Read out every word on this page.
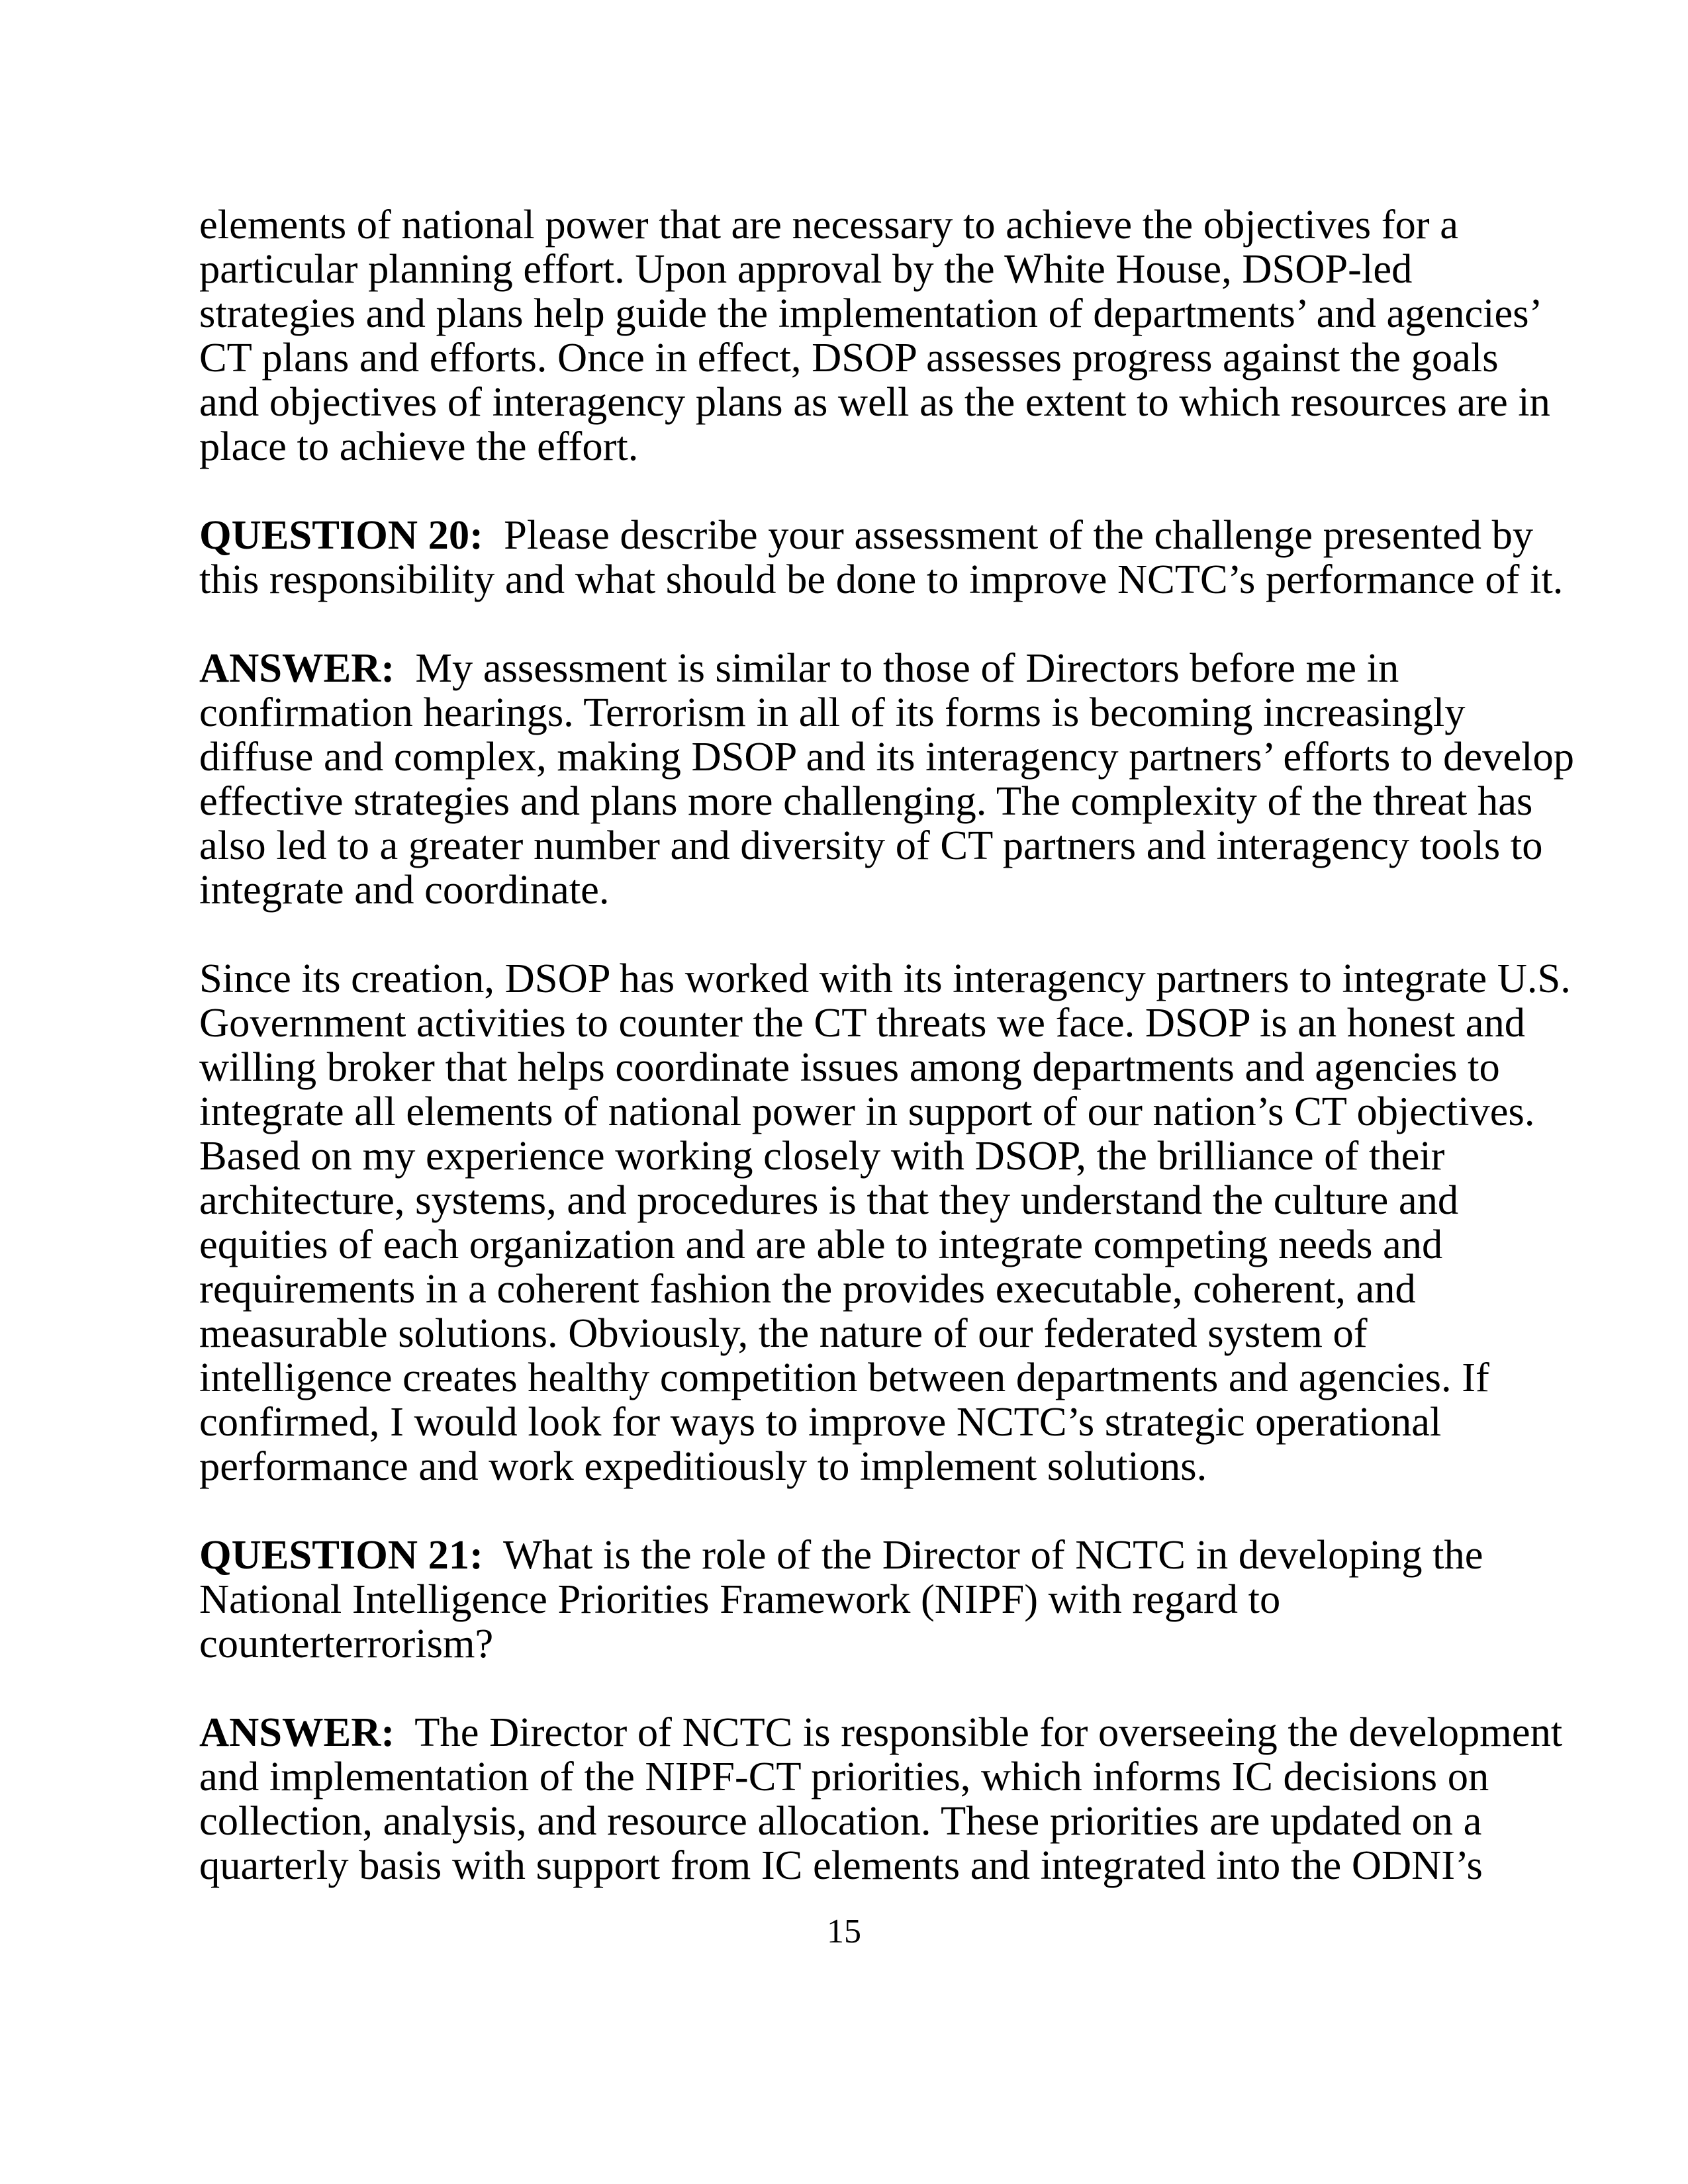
elements of national power that are necessary to achieve the objectives for a
particular planning effort. Upon approval by the White House, DSOP-led
strategies and plans help guide the implementation of departments’ and agencies’
CT plans and efforts. Once in effect, DSOP assesses progress against the goals
and objectives of interagency plans as well as the extent to which resources are in
place to achieve the effort.
QUESTION 20:  Please describe your assessment of the challenge presented by
this responsibility and what should be done to improve NCTC’s performance of it.
ANSWER:  My assessment is similar to those of Directors before me in
confirmation hearings. Terrorism in all of its forms is becoming increasingly
diffuse and complex, making DSOP and its interagency partners’ efforts to develop
effective strategies and plans more challenging. The complexity of the threat has
also led to a greater number and diversity of CT partners and interagency tools to
integrate and coordinate.
Since its creation, DSOP has worked with its interagency partners to integrate U.S.
Government activities to counter the CT threats we face. DSOP is an honest and
willing broker that helps coordinate issues among departments and agencies to
integrate all elements of national power in support of our nation’s CT objectives.
Based on my experience working closely with DSOP, the brilliance of their
architecture, systems, and procedures is that they understand the culture and
equities of each organization and are able to integrate competing needs and
requirements in a coherent fashion the provides executable, coherent, and
measurable solutions. Obviously, the nature of our federated system of
intelligence creates healthy competition between departments and agencies. If
confirmed, I would look for ways to improve NCTC’s strategic operational
performance and work expeditiously to implement solutions.
QUESTION 21:  What is the role of the Director of NCTC in developing the
National Intelligence Priorities Framework (NIPF) with regard to
counterterrorism?
ANSWER:  The Director of NCTC is responsible for overseeing the development
and implementation of the NIPF-CT priorities, which informs IC decisions on
collection, analysis, and resource allocation. These priorities are updated on a
quarterly basis with support from IC elements and integrated into the ODNI’s
15
